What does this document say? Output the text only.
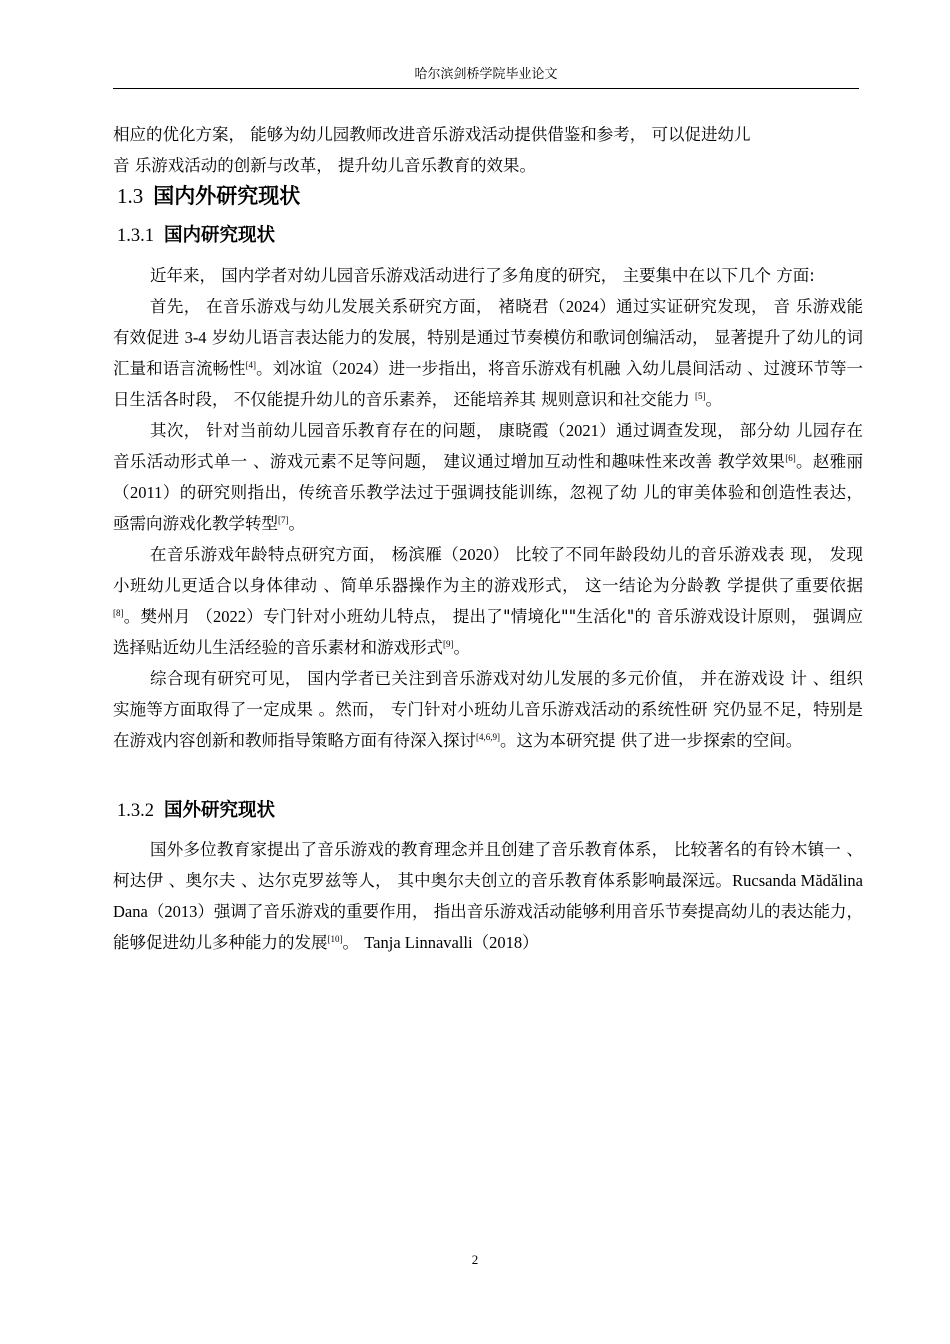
哈尔滨剑桥学院毕业论文

相应的优化方案， 能够为幼儿园教师改进音乐游戏活动提供借鉴和参考， 可以促进幼儿
音 乐游戏活动的创新与改革， 提升幼儿音乐教育的效果。

1.3 国内外研究现状
1.3.1 国内研究现状

近年来， 国内学者对幼儿园音乐游戏活动进行了多角度的研究， 主要集中在以下几个 方面:

首先， 在音乐游戏与幼儿发展关系研究方面， 褚晓君（2024）通过实证研究发现， 音 乐游戏能有效促进 3-4 岁幼儿语言表达能力的发展，特别是通过节奏模仿和歌词创编活动， 显著提升了幼儿的词汇量和语言流畅性[4]。刘冰谊（2024）进一步指出，将音乐游戏有机融 入幼儿晨间活动 、过渡环节等一日生活各时段， 不仅能提升幼儿的音乐素养， 还能培养其 规则意识和社交能力 [5]。

其次， 针对当前幼儿园音乐教育存在的问题， 康晓霞（2021）通过调查发现， 部分幼 儿园存在音乐活动形式单一 、游戏元素不足等问题， 建议通过增加互动性和趣味性来改善 教学效果[6]。赵雅丽（2011）的研究则指出，传统音乐教学法过于强调技能训练，忽视了幼 儿的审美体验和创造性表达， 亟需向游戏化教学转型[7]。

在音乐游戏年龄特点研究方面， 杨滨雁（2020） 比较了不同年龄段幼儿的音乐游戏表 现， 发现小班幼儿更适合以身体律动 、简单乐器操作为主的游戏形式， 这一结论为分龄教 学提供了重要依据[8]。樊州月 （2022）专门针对小班幼儿特点， 提出了"情境化""生活化"的 音乐游戏设计原则， 强调应选择贴近幼儿生活经验的音乐素材和游戏形式[9]。

综合现有研究可见， 国内学者已关注到音乐游戏对幼儿发展的多元价值， 并在游戏设 计 、组织实施等方面取得了一定成果 。然而， 专门针对小班幼儿音乐游戏活动的系统性研 究仍显不足，特别是在游戏内容创新和教师指导策略方面有待深入探讨[4,6,9]。这为本研究提 供了进一步探索的空间。

1.3.2 国外研究现状

国外多位教育家提出了音乐游戏的教育理念并且创建了音乐教育体系， 比较著名的有铃木镇一 、柯达伊 、奥尔夫 、达尔克罗兹等人， 其中奥尔夫创立的音乐教育体系影响最深远。Rucsanda Mădălina Dana（2013）强调了音乐游戏的重要作用， 指出音乐游戏活动能够利用音乐节奏提高幼儿的表达能力，能够促进幼儿多种能力的发展[10]。 Tanja Linnavalli（2018）

2
